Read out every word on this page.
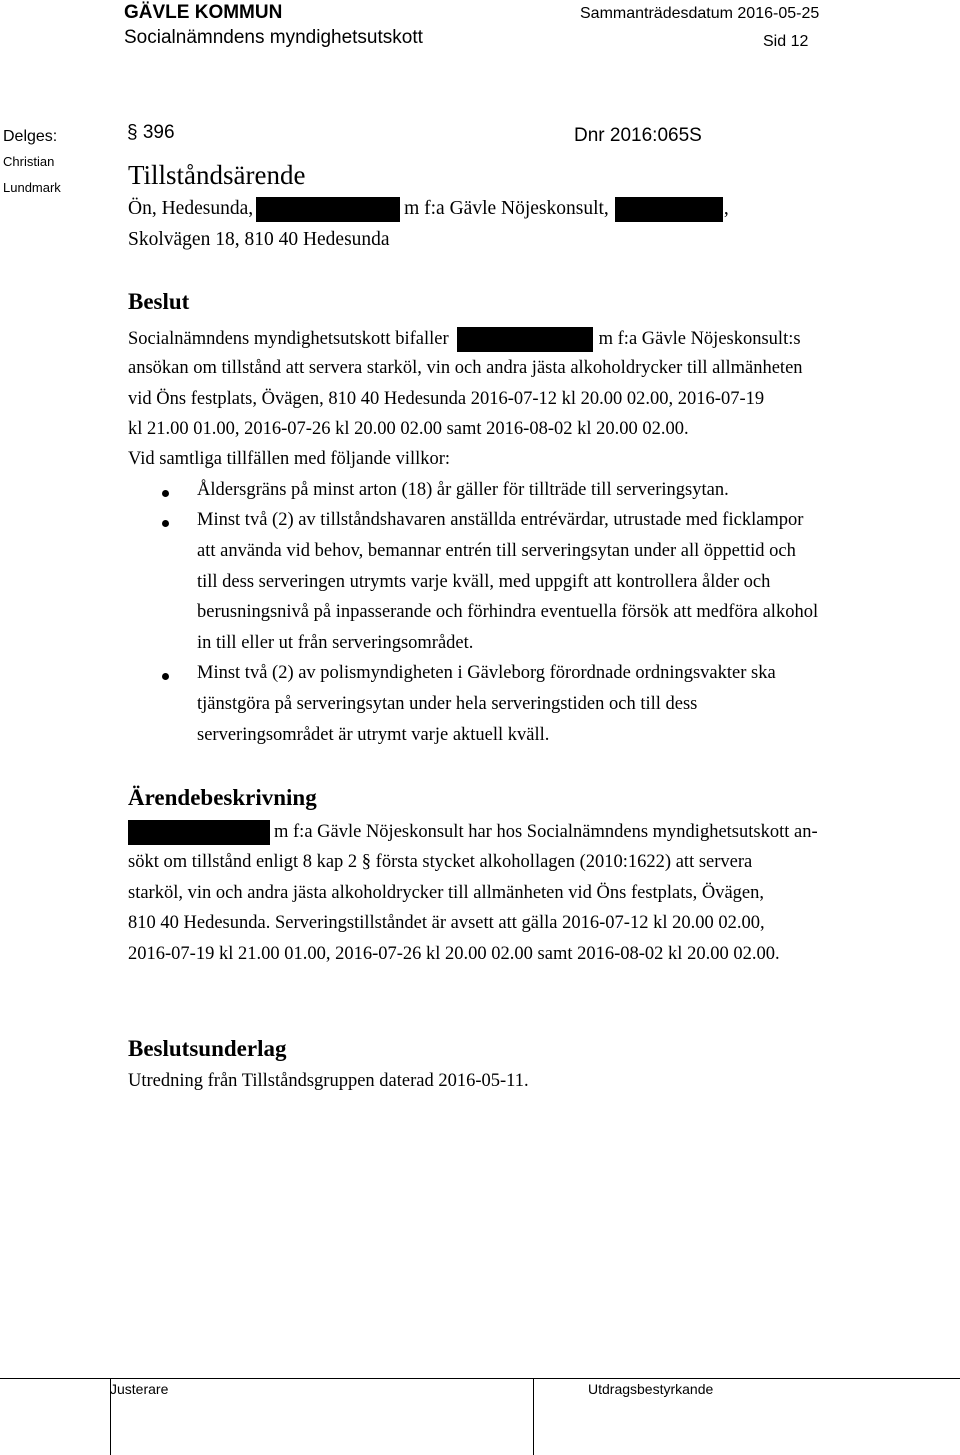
GÄVLE KOMMUN
Socialnämndens myndighetsutskott
Sammanträdesdatum 2016-05-25
Sid 12
Delges:
Christian
Lundmark
§ 396	Dnr 2016:065S
Tillståndsärende
Ön, Hedesunda,	m f:a Gävle Nöjeskonsult,	,
Skolvägen 18, 810 40 Hedesunda
Beslut
Socialnämndens myndighetsutskott bifaller	m f:a Gävle Nöjeskonsult:s
ansökan om tillstånd att servera starköl, vin och andra jästa alkoholdrycker till allmänheten
vid Öns festplats, Övägen, 810 40 Hedesunda 2016-07-12 kl 20.00 02.00, 2016-07-19
kl 21.00 01.00, 2016-07-26 kl 20.00 02.00 samt 2016-08-02 kl 20.00 02.00.
Vid samtliga tillfällen med följande villkor:
Åldersgräns på minst arton (18) år gäller för tillträde till serveringsytan.
Minst två (2) av tillståndshavaren anställda entrévärdar, utrustade med ficklampor
att använda vid behov, bemannar entrén till serveringsytan under all öppettid och
till dess serveringen utrymts varje kväll, med uppgift att kontrollera ålder och
berusningsnivå på inpasserande och förhindra eventuella försök att medföra alkohol
in till eller ut från serveringsområdet.
Minst två (2) av polismyndigheten i Gävleborg förordnade ordningsvakter ska
tjänstgöra på serveringsytan under hela serveringstiden och till dess
serveringsområdet är utrymt varje aktuell kväll.
Ärendebeskrivning
m f:a Gävle Nöjeskonsult har hos Socialnämndens myndighetsutskott an-
sökt om tillstånd enligt 8 kap 2 § första stycket alkohollagen (2010:1622) att servera
starköl, vin och andra jästa alkoholdrycker till allmänheten vid Öns festplats, Övägen,
810 40 Hedesunda. Serveringstillståndet är avsett att gälla 2016-07-12 kl 20.00 02.00,
2016-07-19 kl 21.00 01.00, 2016-07-26 kl 20.00 02.00 samt 2016-08-02 kl 20.00 02.00.
Beslutsunderlag
Utredning från Tillståndsgruppen daterad 2016-05-11.
Justerare	Utdragsbestyrkande
